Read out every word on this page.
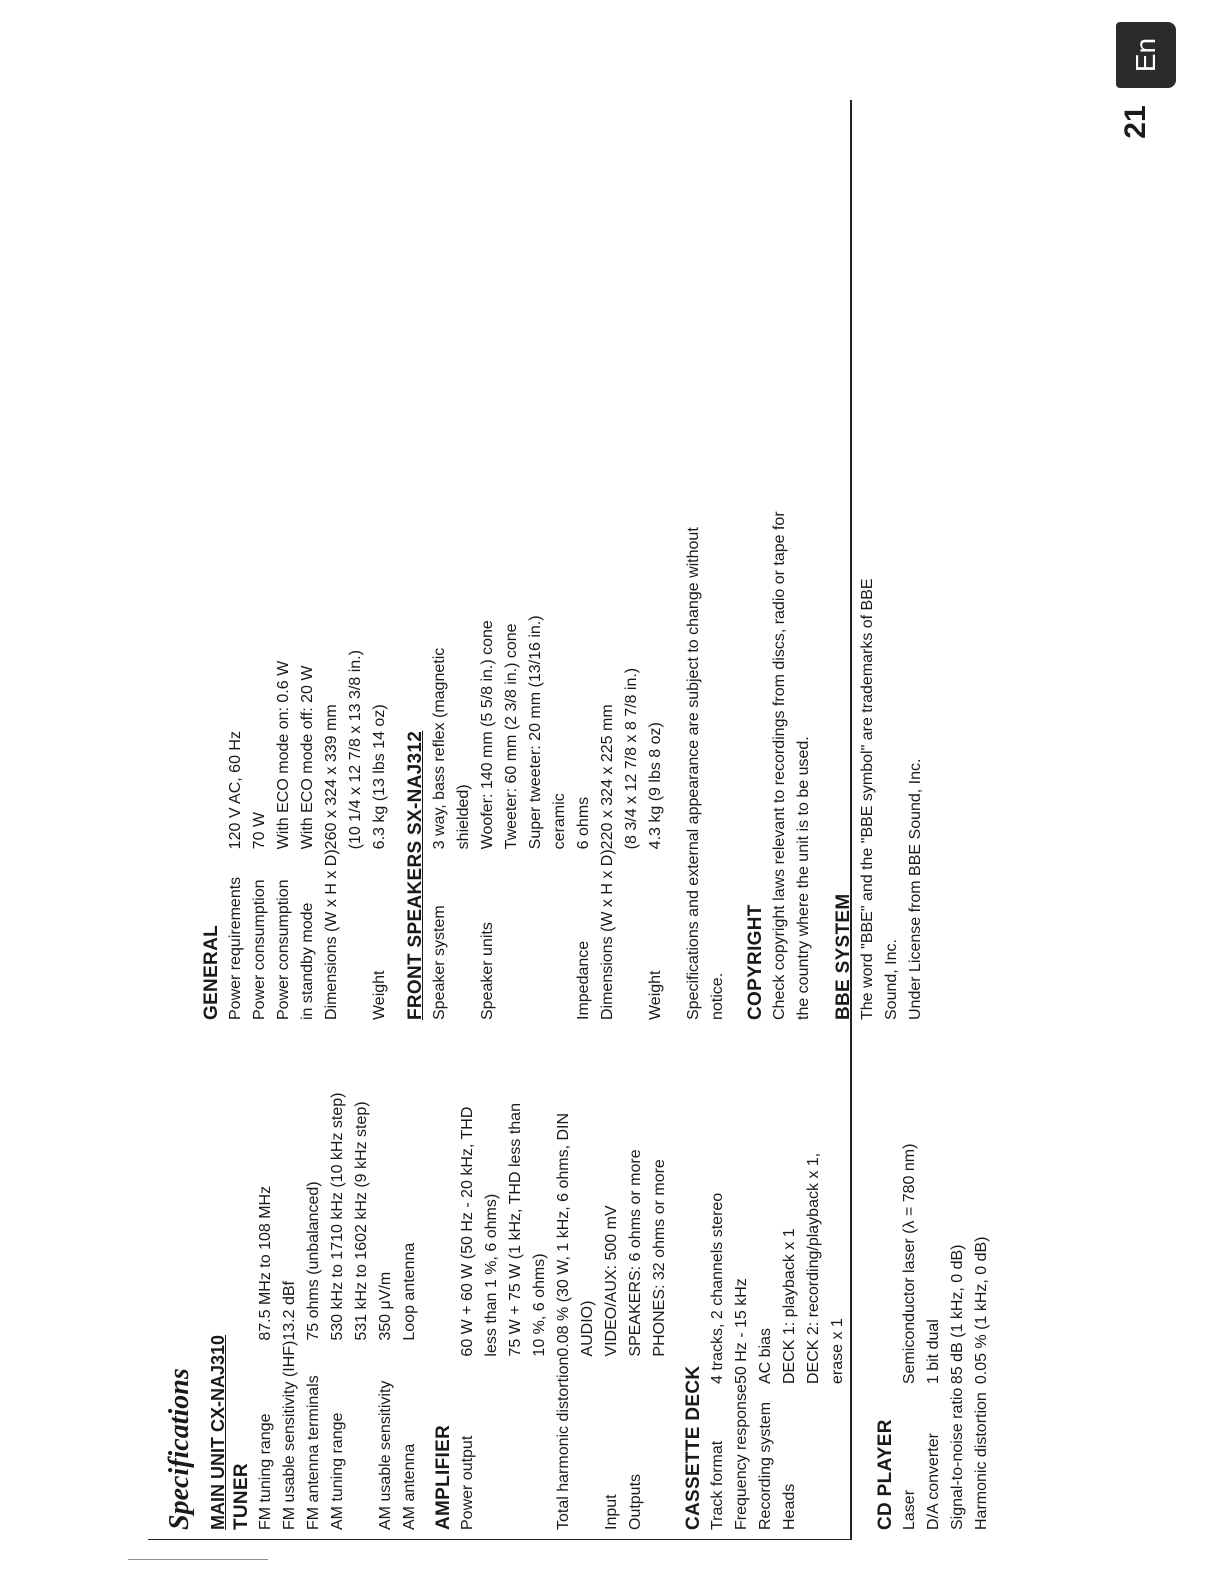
En
21
Specifications MAIN UNIT CX-NAJ310 TUNER FM tuning range	87.5 MHz to 108 MHz

FM usable sensitivity (IHF)	13.2 dBf

FM antenna terminals	75 ohms (unbalanced)

AM tuning range	530 kHz to 1710 kHz (10 kHz step) 531 kHz to 1602 kHz (9 kHz step)

AM usable sensitivity	350 μV/m

AM antenna	Loop antenna
AMPLIFIER Power output	60 W + 60 W (50 Hz - 20 kHz, THD less than 1 %, 6 ohms) 75 W + 75 W (1 kHz, THD less than 10 %, 6 ohms)

Total harmonic distortion	0.08 % (30 W, 1 kHz, 6 ohms, DIN AUDIO)

Input	VIDEO/AUX: 500 mV

Outputs	SPEAKERS: 6 ohms or more PHONES: 32 ohms or more
CASSETTE DECK Track format	4 tracks, 2 channels stereo

Frequency response	50 Hz - 15 kHz

Recording system	AC bias

Heads	DECK 1: playback x 1 DECK 2: recording/playback x 1, erase x 1
CD PLAYER Laser	Semiconductor laser (λ = 780 nm)

D/A converter	1 bit dual

Signal-to-noise ratio	85 dB (1 kHz, 0 dB)

Harmonic distortion	0.05 % (1 kHz, 0 dB)
GENERAL Power requirements	120 V AC, 60 Hz

Power consumption	70 W

Power consumption	With ECO mode on: 0.6 W

in standby mode	With ECO mode off: 20 W

Dimensions (W x H x D)	260 x 324 x 339 mm (10 1/4 x 12 7/8 x 13 3/8 in.)

Weight	6.3 kg (13 lbs 14 oz) FRONT SPEAKERS SX-NAJ312 Speaker system	3 way, bass reflex (magnetic shielded)

Speaker units	Woofer: 140 mm (5 5/8 in.) cone Tweeter: 60 mm (2 3/8 in.) cone Super tweeter: 20 mm (13/16 in.) ceramic

Impedance	6 ohms

Dimensions (W x H x D)	220 x 324 x 225 mm (8 3/4 x 12 7/8 x 8 7/8 in.)

Weight	4.3 kg (9 lbs 8 oz) Specifications and external appearance are subject to change without notice. COPYRIGHT Check copyright laws relevant to recordings from discs, radio or tape for the country where the unit is to be used. BBE SYSTEM The word "BBE" and the "BBE symbol" are trademarks of BBE Sound, Inc. Under License from BBE Sound, Inc.
